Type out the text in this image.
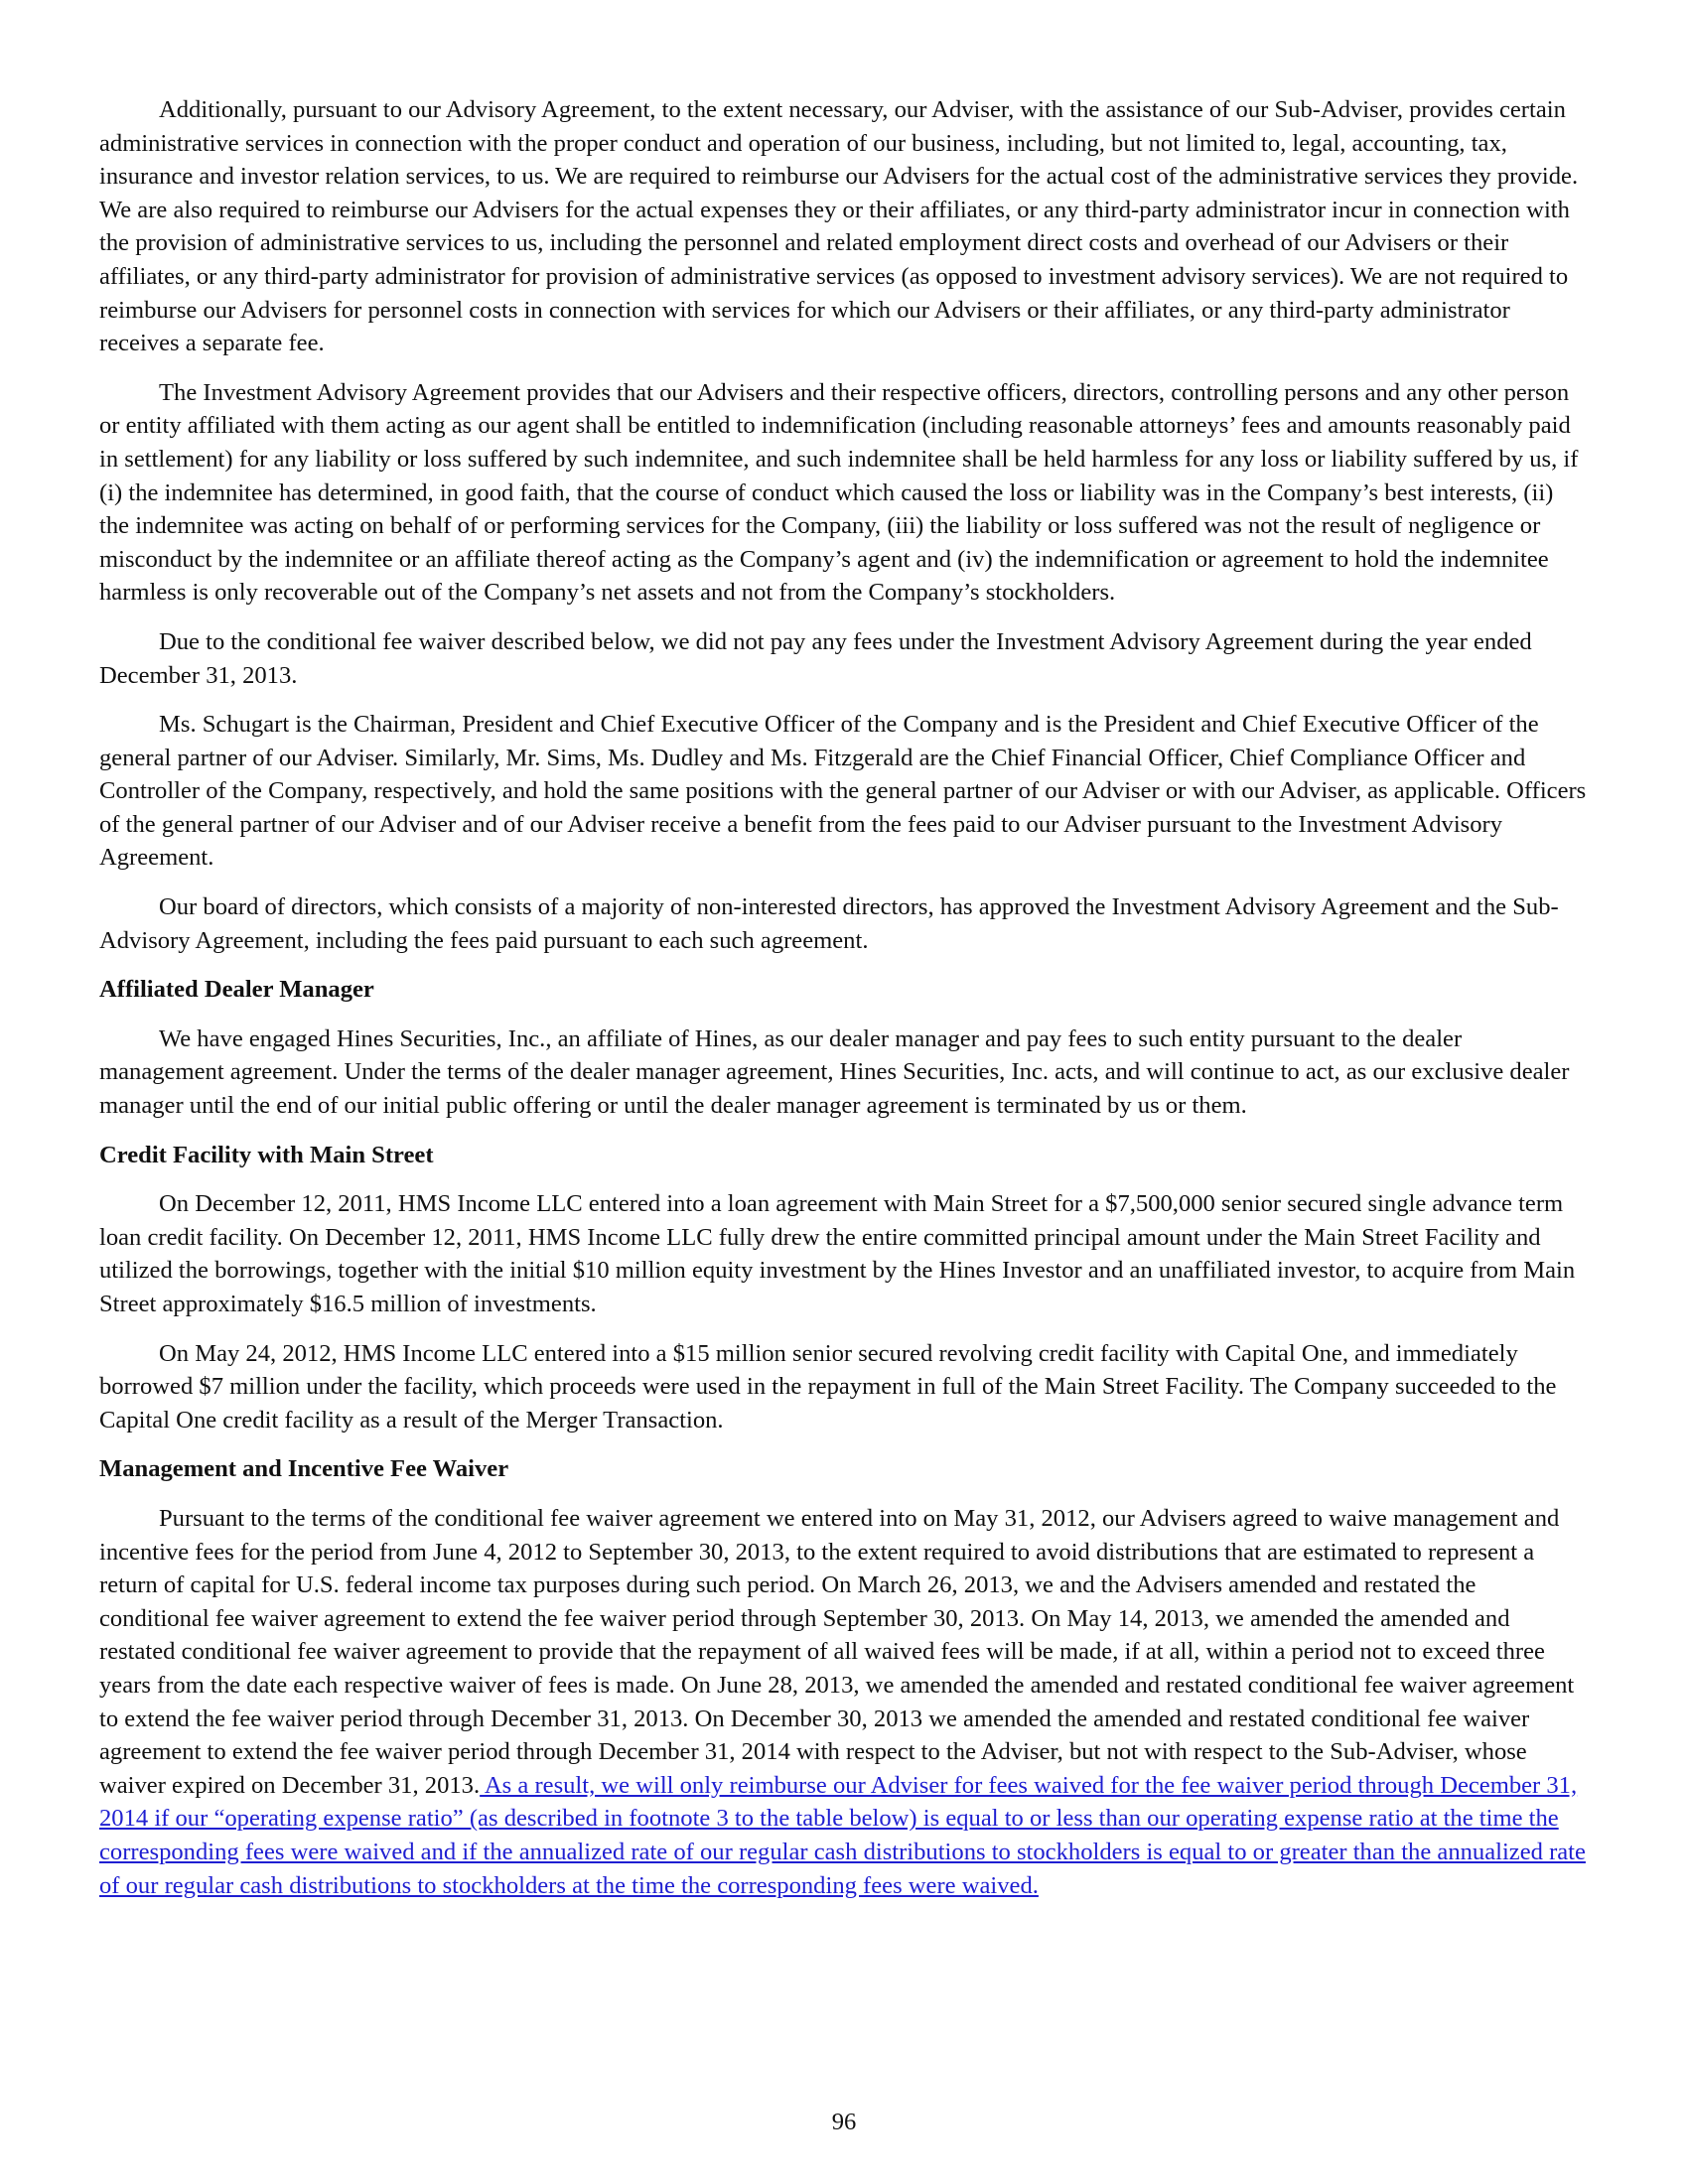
Additionally, pursuant to our Advisory Agreement, to the extent necessary, our Adviser, with the assistance of our Sub-Adviser, provides certain administrative services in connection with the proper conduct and operation of our business, including, but not limited to, legal, accounting, tax, insurance and investor relation services, to us. We are required to reimburse our Advisers for the actual cost of the administrative services they provide. We are also required to reimburse our Advisers for the actual expenses they or their affiliates, or any third-party administrator incur in connection with the provision of administrative services to us, including the personnel and related employment direct costs and overhead of our Advisers or their affiliates, or any third-party administrator for provision of administrative services (as opposed to investment advisory services). We are not required to reimburse our Advisers for personnel costs in connection with services for which our Advisers or their affiliates, or any third-party administrator receives a separate fee.

The Investment Advisory Agreement provides that our Advisers and their respective officers, directors, controlling persons and any other person or entity affiliated with them acting as our agent shall be entitled to indemnification (including reasonable attorneys’ fees and amounts reasonably paid in settlement) for any liability or loss suffered by such indemnitee, and such indemnitee shall be held harmless for any loss or liability suffered by us, if (i) the indemnitee has determined, in good faith, that the course of conduct which caused the loss or liability was in the Company’s best interests, (ii) the indemnitee was acting on behalf of or performing services for the Company, (iii) the liability or loss suffered was not the result of negligence or misconduct by the indemnitee or an affiliate thereof acting as the Company’s agent and (iv) the indemnification or agreement to hold the indemnitee harmless is only recoverable out of the Company’s net assets and not from the Company’s stockholders.

Due to the conditional fee waiver described below, we did not pay any fees under the Investment Advisory Agreement during the year ended December 31, 2013.

Ms. Schugart is the Chairman, President and Chief Executive Officer of the Company and is the President and Chief Executive Officer of the general partner of our Adviser. Similarly, Mr. Sims, Ms. Dudley and Ms. Fitzgerald are the Chief Financial Officer, Chief Compliance Officer and Controller of the Company, respectively, and hold the same positions with the general partner of our Adviser or with our Adviser, as applicable. Officers of the general partner of our Adviser and of our Adviser receive a benefit from the fees paid to our Adviser pursuant to the Investment Advisory Agreement.

Our board of directors, which consists of a majority of non-interested directors, has approved the Investment Advisory Agreement and the Sub-Advisory Agreement, including the fees paid pursuant to each such agreement.

Affiliated Dealer Manager

We have engaged Hines Securities, Inc., an affiliate of Hines, as our dealer manager and pay fees to such entity pursuant to the dealer management agreement. Under the terms of the dealer manager agreement, Hines Securities, Inc. acts, and will continue to act, as our exclusive dealer manager until the end of our initial public offering or until the dealer manager agreement is terminated by us or them.

Credit Facility with Main Street

On December 12, 2011, HMS Income LLC entered into a loan agreement with Main Street for a $7,500,000 senior secured single advance term loan credit facility. On December 12, 2011, HMS Income LLC fully drew the entire committed principal amount under the Main Street Facility and utilized the borrowings, together with the initial $10 million equity investment by the Hines Investor and an unaffiliated investor, to acquire from Main Street approximately $16.5 million of investments.

On May 24, 2012, HMS Income LLC entered into a $15 million senior secured revolving credit facility with Capital One, and immediately borrowed $7 million under the facility, which proceeds were used in the repayment in full of the Main Street Facility. The Company succeeded to the Capital One credit facility as a result of the Merger Transaction.

Management and Incentive Fee Waiver

Pursuant to the terms of the conditional fee waiver agreement we entered into on May 31, 2012, our Advisers agreed to waive management and incentive fees for the period from June 4, 2012 to September 30, 2013, to the extent required to avoid distributions that are estimated to represent a return of capital for U.S. federal income tax purposes during such period. On March 26, 2013, we and the Advisers amended and restated the conditional fee waiver agreement to extend the fee waiver period through September 30, 2013. On May 14, 2013, we amended the amended and restated conditional fee waiver agreement to provide that the repayment of all waived fees will be made, if at all, within a period not to exceed three years from the date each respective waiver of fees is made. On June 28, 2013, we amended the amended and restated conditional fee waiver agreement to extend the fee waiver period through December 31, 2013. On December 30, 2013 we amended the amended and restated conditional fee waiver agreement to extend the fee waiver period through December 31, 2014 with respect to the Adviser, but not with respect to the Sub-Adviser, whose waiver expired on December 31, 2013. As a result, we will only reimburse our Adviser for fees waived for the fee waiver period through December 31, 2014 if our “operating expense ratio” (as described in footnote 3 to the table below) is equal to or less than our operating expense ratio at the time the corresponding fees were waived and if the annualized rate of our regular cash distributions to stockholders is equal to or greater than the annualized rate of our regular cash distributions to stockholders at the time the corresponding fees were waived.

96
